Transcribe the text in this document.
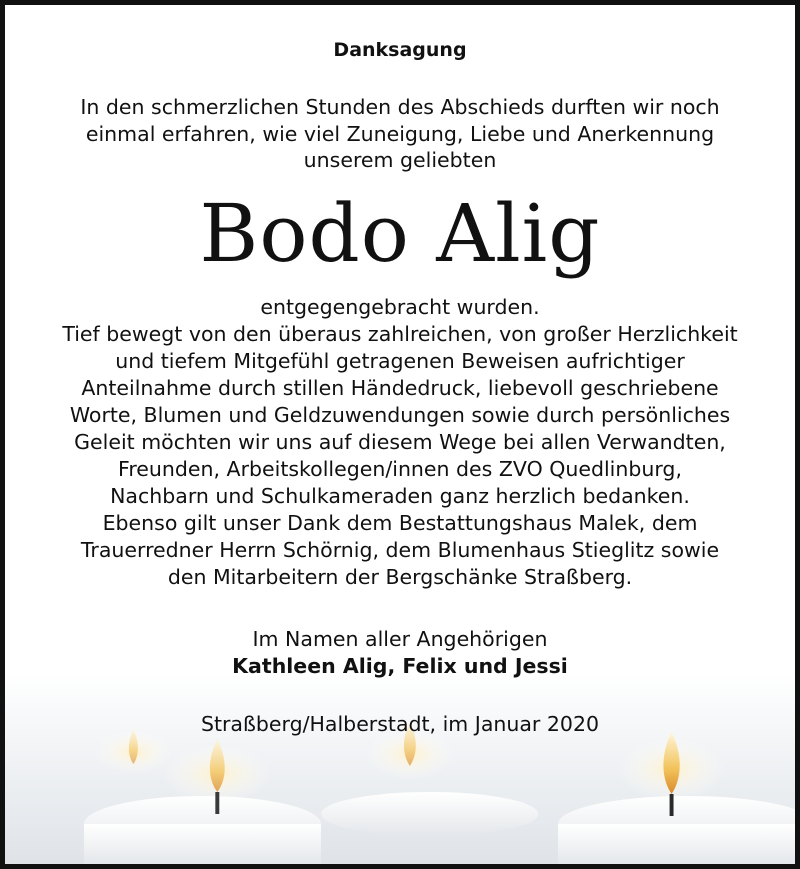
Danksagung
In den schmerzlichen Stunden des Abschieds durften wir noch
einmal erfahren, wie viel Zuneigung, Liebe und Anerkennung
unserem geliebten
Bodo Alig
entgegengebracht wurden.
Tief bewegt von den überaus zahlreichen, von großer Herzlichkeit
und tiefem Mitgefühl getragenen Beweisen aufrichtiger
Anteilnahme durch stillen Händedruck, liebevoll geschriebene
Worte, Blumen und Geldzuwendungen sowie durch persönliches
Geleit möchten wir uns auf diesem Wege bei allen Verwandten,
Freunden, Arbeitskollegen/innen des ZVO Quedlinburg,
Nachbarn und Schulkameraden ganz herzlich bedanken.
Ebenso gilt unser Dank dem Bestattungshaus Malek, dem
Trauerredner Herrn Schörnig, dem Blumenhaus Stieglitz sowie
den Mitarbeitern der Bergschänke Straßberg.
Im Namen aller Angehörigen
Kathleen Alig, Felix und Jessi
Straßberg/Halberstadt, im Januar 2020
